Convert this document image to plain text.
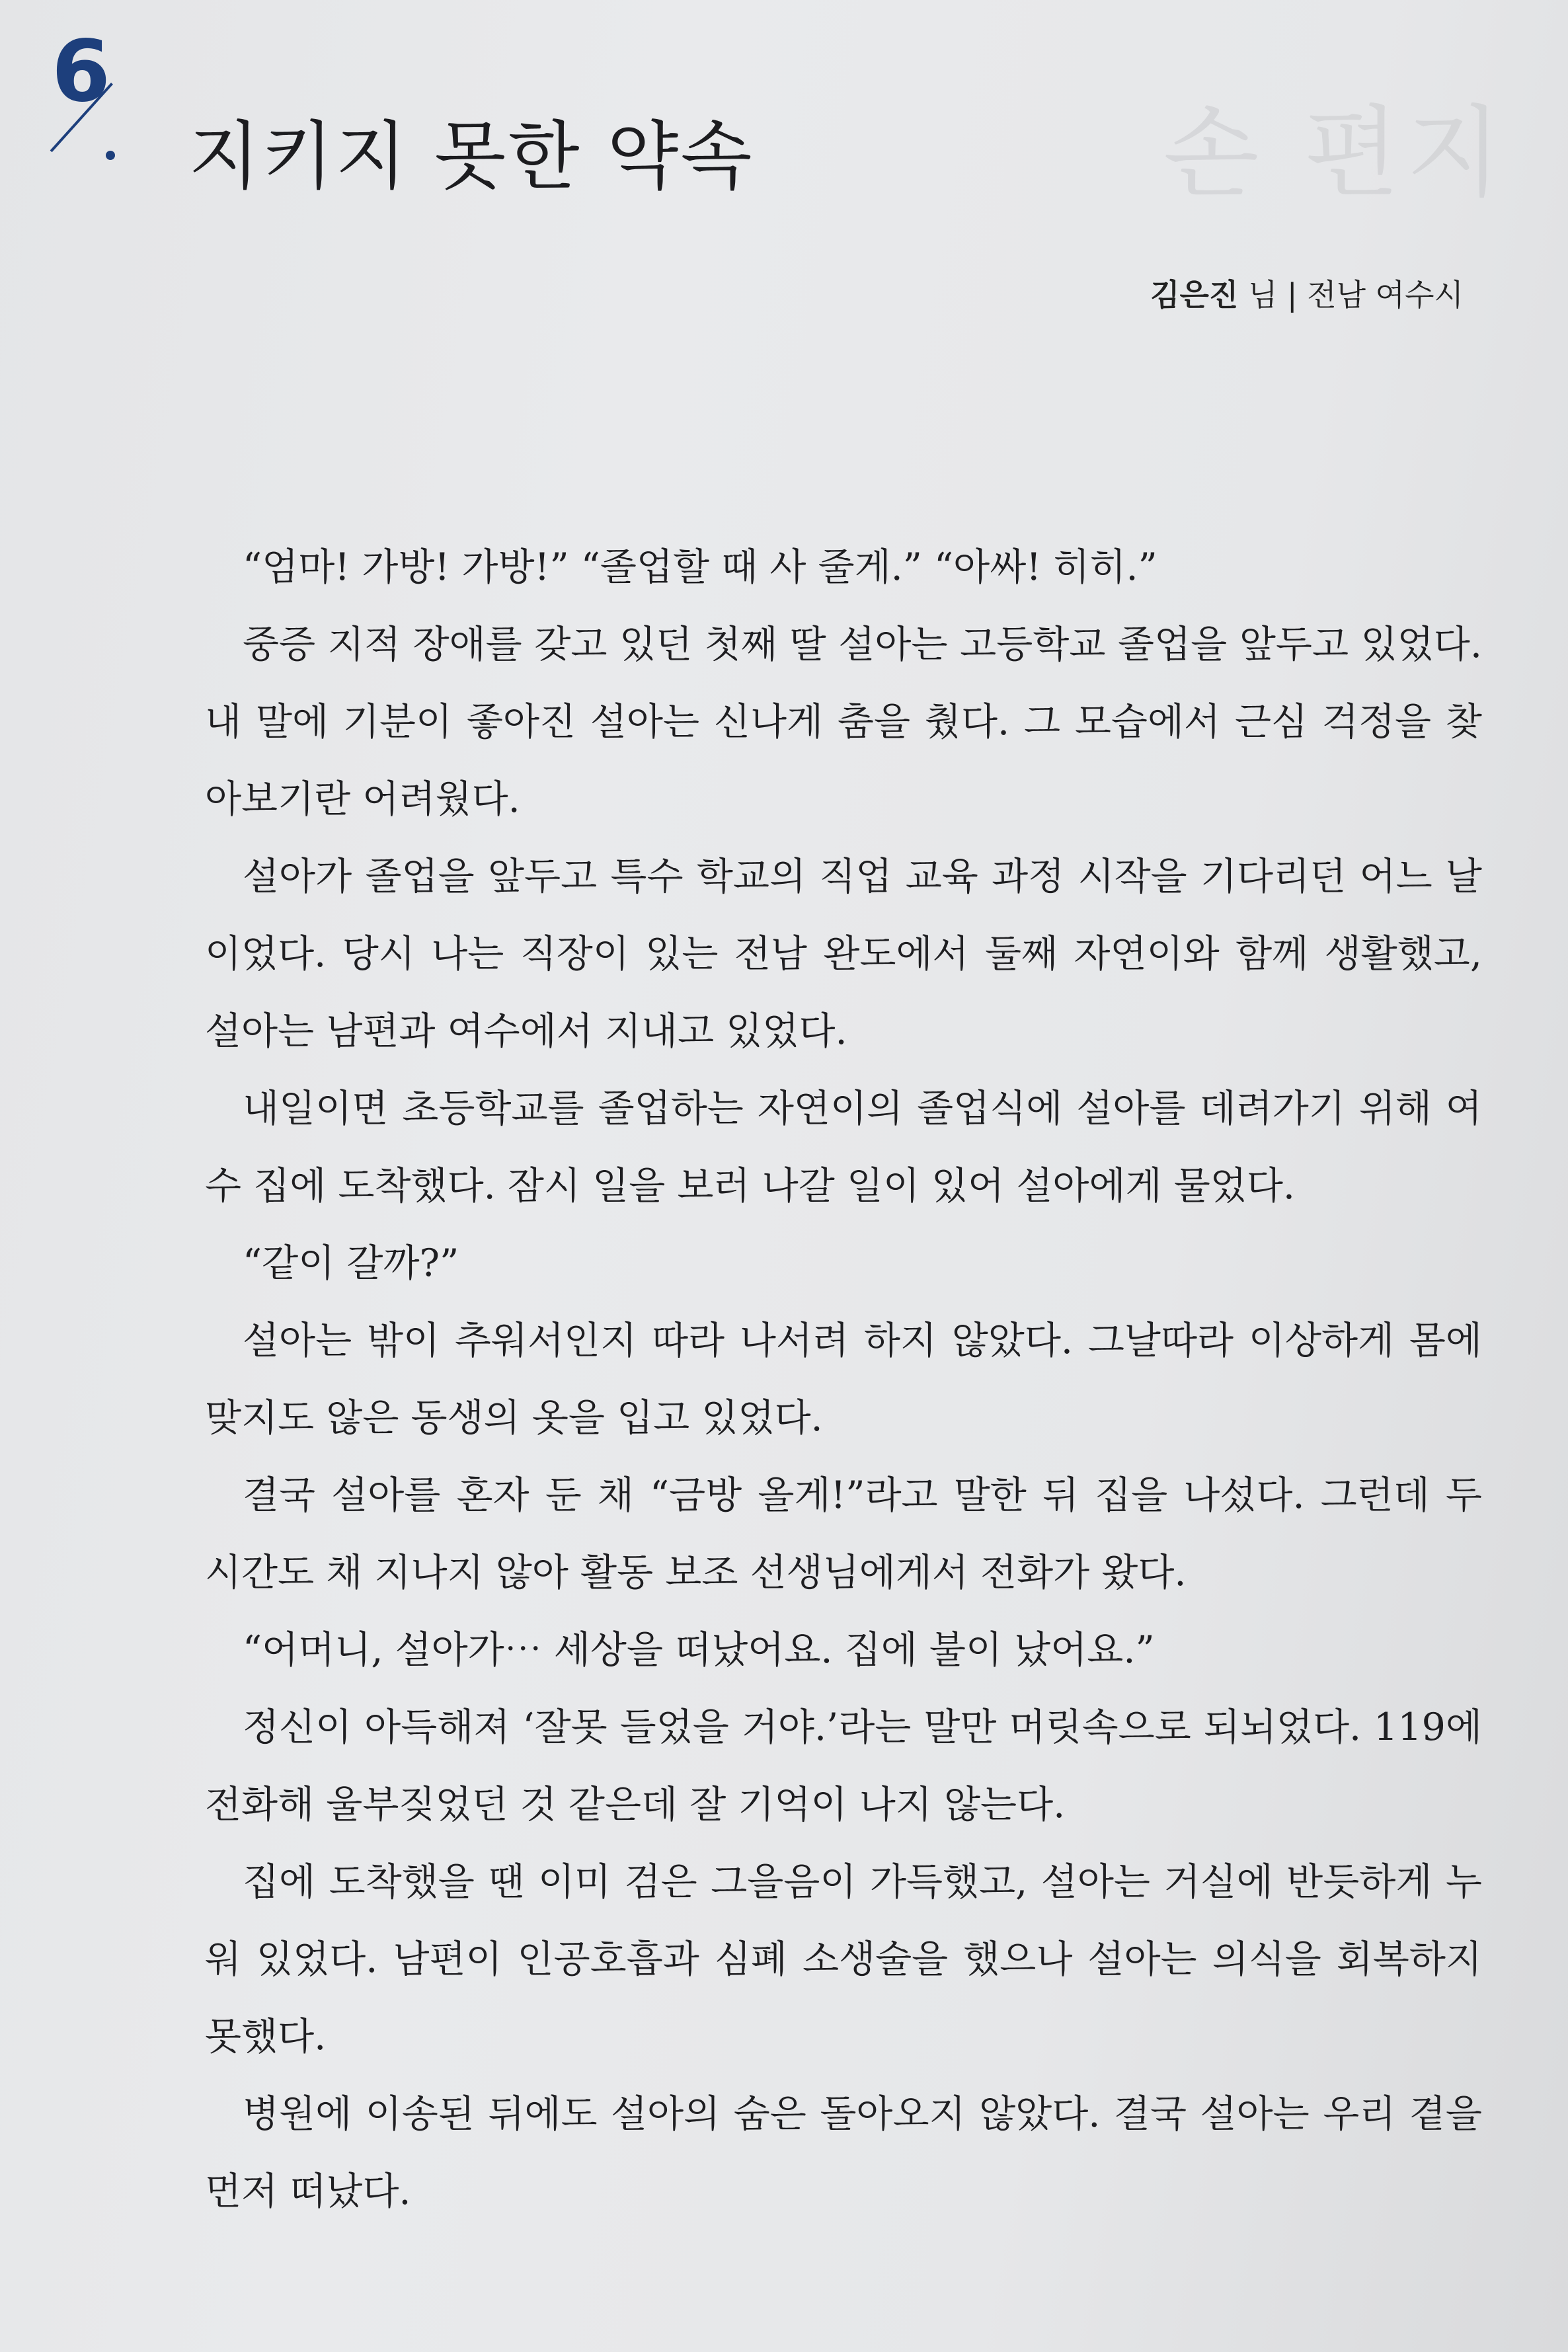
손 편지
6
지키지 못한 약속
김은진 님 | 전남 여수시

“엄마! 가방! 가방!” “졸업할 때 사 줄게.” “아싸! 히히.”

중증 지적 장애를 갖고 있던 첫째 딸 설아는 고등학교 졸업을 앞두고 있었다. 내 말에 기분이 좋아진 설아는 신나게 춤을 췄다. 그 모습에서 근심 걱정을 찾아보기란 어려웠다.

설아가 졸업을 앞두고 특수 학교의 직업 교육 과정 시작을 기다리던 어느 날이었다. 당시 나는 직장이 있는 전남 완도에서 둘째 자연이와 함께 생활했고, 설아는 남편과 여수에서 지내고 있었다.

내일이면 초등학교를 졸업하는 자연이의 졸업식에 설아를 데려가기 위해 여수 집에 도착했다. 잠시 일을 보러 나갈 일이 있어 설아에게 물었다.

“같이 갈까?”

설아는 밖이 추워서인지 따라 나서려 하지 않았다. 그날따라 이상하게 몸에 맞지도 않은 동생의 옷을 입고 있었다.

결국 설아를 혼자 둔 채 “금방 올게!”라고 말한 뒤 집을 나섰다. 그런데 두 시간도 채 지나지 않아 활동 보조 선생님에게서 전화가 왔다.

“어머니, 설아가⋯ 세상을 떠났어요. 집에 불이 났어요.”

정신이 아득해져 ‘잘못 들었을 거야.’라는 말만 머릿속으로 되뇌었다. 119에 전화해 울부짖었던 것 같은데 잘 기억이 나지 않는다.

집에 도착했을 땐 이미 검은 그을음이 가득했고, 설아는 거실에 반듯하게 누워 있었다. 남편이 인공호흡과 심폐 소생술을 했으나 설아는 의식을 회복하지 못했다.

병원에 이송된 뒤에도 설아의 숨은 돌아오지 않았다. 결국 설아는 우리 곁을 먼저 떠났다.
